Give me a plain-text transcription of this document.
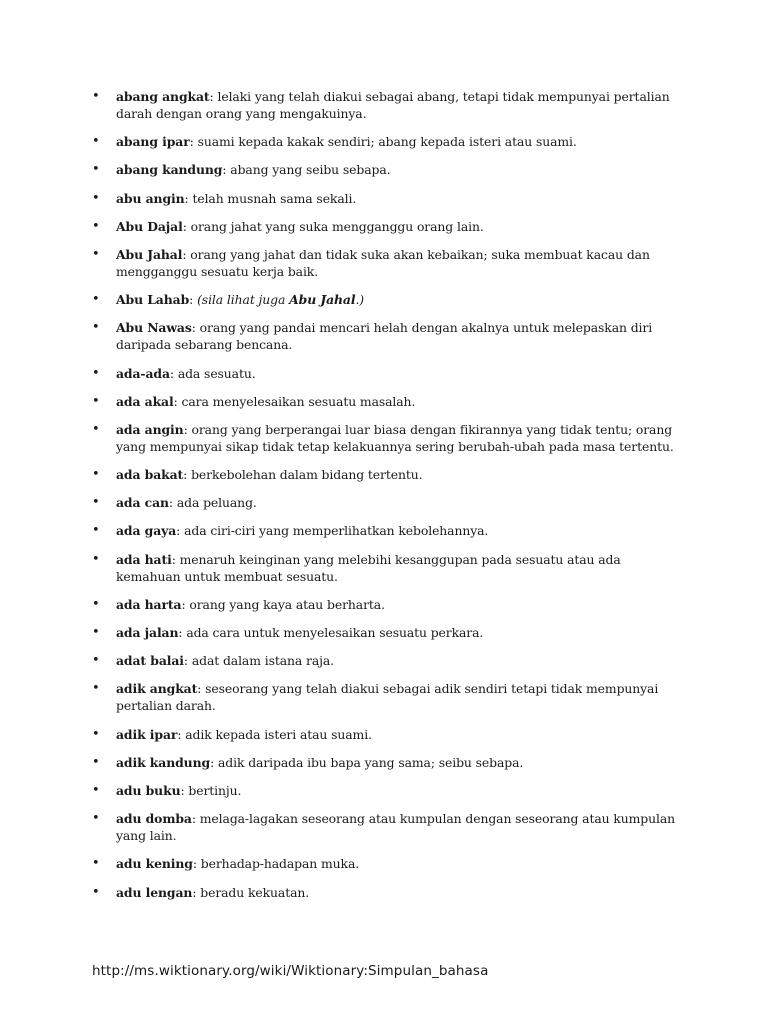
• abang angkat: lelaki yang telah diakui sebagai abang, tetapi tidak mempunyai pertalian darah dengan orang yang mengakuinya.
• abang ipar: suami kepada kakak sendiri; abang kepada isteri atau suami.
• abang kandung: abang yang seibu sebapa.
• abu angin: telah musnah sama sekali.
• Abu Dajal: orang jahat yang suka mengganggu orang lain.
• Abu Jahal: orang yang jahat dan tidak suka akan kebaikan; suka membuat kacau dan mengganggu sesuatu kerja baik.
• Abu Lahab: (sila lihat juga Abu Jahal.)
• Abu Nawas: orang yang pandai mencari helah dengan akalnya untuk melepaskan diri daripada sebarang bencana.
• ada-ada: ada sesuatu.
• ada akal: cara menyelesaikan sesuatu masalah.
• ada angin: orang yang berperangai luar biasa dengan fikirannya yang tidak tentu; orang yang mempunyai sikap tidak tetap kelakuannya sering berubah-ubah pada masa tertentu.
• ada bakat: berkebolehan dalam bidang tertentu.
• ada can: ada peluang.
• ada gaya: ada ciri-ciri yang memperlihatkan kebolehannya.
• ada hati: menaruh keinginan yang melebihi kesanggupan pada sesuatu atau ada kemahuan untuk membuat sesuatu.
• ada harta: orang yang kaya atau berharta.
• ada jalan: ada cara untuk menyelesaikan sesuatu perkara.
• adat balai: adat dalam istana raja.
• adik angkat: seseorang yang telah diakui sebagai adik sendiri tetapi tidak mempunyai pertalian darah.
• adik ipar: adik kepada isteri atau suami.
• adik kandung: adik daripada ibu bapa yang sama; seibu sebapa.
• adu buku: bertinju.
• adu domba: melaga-lagakan seseorang atau kumpulan dengan seseorang atau kumpulan yang lain.
• adu kening: berhadap-hadapan muka.
• adu lengan: beradu kekuatan.
http://ms.wiktionary.org/wiki/Wiktionary:Simpulan_bahasa
